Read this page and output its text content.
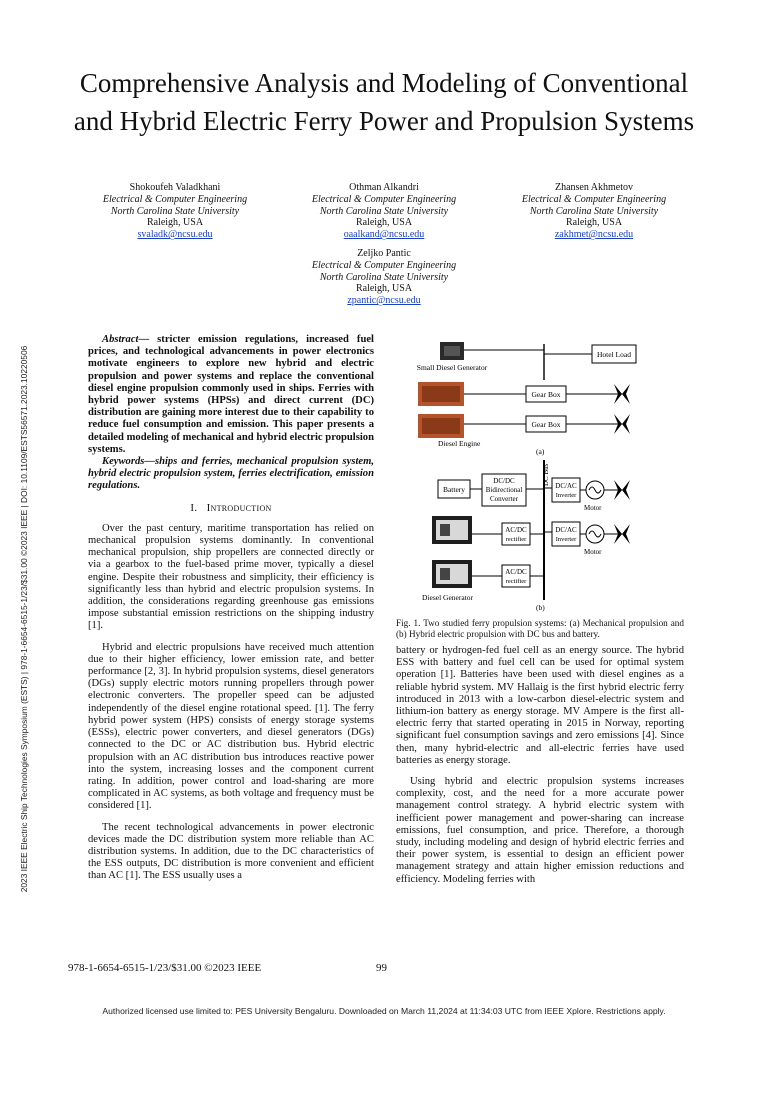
2023 IEEE Electric Ship Technologies Symposium (ESTS) | 978-1-6654-6515-1/23/$31.00 ©2023 IEEE | DOI: 10.1109/ESTS56571.2023.10220506
Comprehensive Analysis and Modeling of Conventional and Hybrid Electric Ferry Power and Propulsion Systems
Shokoufeh Valadkhani
Electrical & Computer Engineering
North Carolina State University
Raleigh, USA
svaladk@ncsu.edu
Othman Alkandri
Electrical & Computer Engineering
North Carolina State University
Raleigh, USA
oaalkand@ncsu.edu
Zhansen Akhmetov
Electrical & Computer Engineering
North Carolina State University
Raleigh, USA
zakhmet@ncsu.edu
Zeljko Pantic
Electrical & Computer Engineering
North Carolina State University
Raleigh, USA
zpantic@ncsu.edu

Abstract— stricter emission regulations, increased fuel prices, and technological advancements in power electronics motivate engineers to explore new hybrid and electric propulsion and power systems and replace the conventional diesel engine propulsion commonly used in ships. Ferries with hybrid power systems (HPSs) and direct current (DC) distribution are gaining more interest due to their capability to reduce fuel consumption and emission. This paper presents a detailed modeling of mechanical and hybrid electric propulsion systems.

Keywords—ships and ferries, mechanical propulsion system, hybrid electric propulsion system, ferries electrification, emission regulations.

I. Introduction

Over the past century, maritime transportation has relied on mechanical propulsion systems dominantly. In conventional mechanical propulsion, ship propellers are connected directly or via a gearbox to the fuel-based prime mover, typically a diesel engine. Despite their robustness and simplicity, their efficiency is significantly less than hybrid and electric propulsion systems. In addition, the considerations regarding greenhouse gas emissions impose substantial emission restrictions on the shipping industry [1].

Hybrid and electric propulsions have received much attention due to their higher efficiency, lower emission rate, and better performance [2, 3]. In hybrid propulsion systems, diesel generators (DGs) supply electric motors running propellers through power electronic converters. The propeller speed can be adjusted independently of the diesel engine rotational speed. [1]. The ferry hybrid power system (HPS) consists of energy storage systems (ESSs), electric power converters, and diesel generators (DGs) connected to the DC or AC distribution bus. Hybrid electric propulsion with an AC distribution bus introduces reactive power into the system, increasing losses and the component current rating. In addition, power control and load-sharing are more complicated in AC systems, as both voltage and frequency must be considered [1].

The recent technological advancements in power electronic devices made the DC distribution system more reliable than AC distribution systems. In addition, due to the DC characteristics of the ESS outputs, DC distribution is more convenient and efficient than AC [1]. The ESS usually uses a

Small Diesel Generator
Hotel Load
Gear Box
Gear Box
Diesel Engine
(a)
DC Bus
Battery
DC/DC
Bidirectional
Converter
DC/AC
Inverter
Motor
DC/AC
Inverter
Motor
AC/DC
rectifier
AC/DC
rectifier
Diesel Generator
(b)
Fig. 1. Two studied ferry propulsion systems: (a) Mechanical propulsion and (b) Hybrid electric propulsion with DC bus and battery.

battery or hydrogen-fed fuel cell as an energy source. The hybrid ESS with battery and fuel cell can be used for optimal system operation [1]. Batteries have been used with diesel engines as a reliable hybrid system. MV Hallaig is the first hybrid electric ferry introduced in 2013 with a low-carbon diesel-electric system and lithium-ion battery as energy storage. MV Ampere is the first all-electric ferry that started operating in 2015 in Norway, reporting significant fuel consumption savings and zero emissions [4]. Since then, many hybrid-electric and all-electric ferries have used batteries as energy storage.

Using hybrid and electric propulsion systems increases complexity, cost, and the need for a more accurate power management control strategy. A hybrid electric system with inefficient power management and power-sharing can increase emissions, fuel consumption, and price. Therefore, a thorough study, including modeling and design of hybrid electric ferries and their power system, is essential to design an efficient power management strategy and attain higher emission reductions and efficiency. Modeling ferries with

978-1-6654-6515-1/23/$31.00 ©2023 IEEE	99
Authorized licensed use limited to: PES University Bengaluru. Downloaded on March 11,2024 at 11:34:03 UTC from IEEE Xplore. Restrictions apply.
